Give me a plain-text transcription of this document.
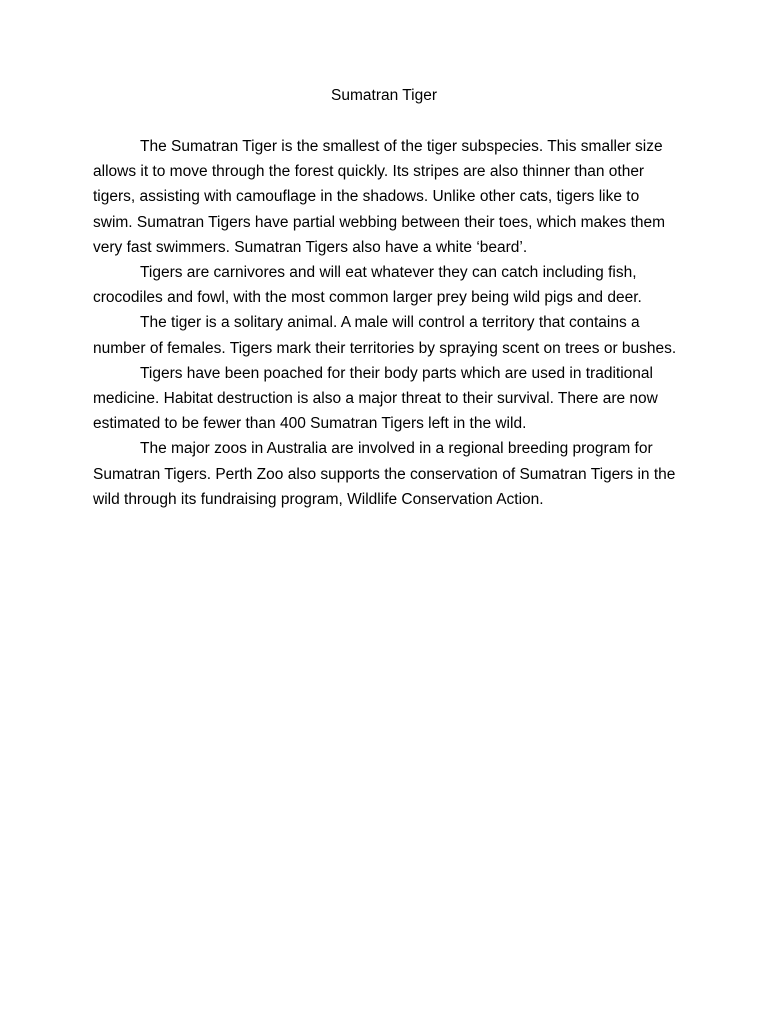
Sumatran Tiger

The Sumatran Tiger is the smallest of the tiger subspecies. This smaller size allows it to move through the forest quickly. Its stripes are also thinner than other tigers, assisting with camouflage in the shadows. Unlike other cats, tigers like to swim. Sumatran Tigers have partial webbing between their toes, which makes them very fast swimmers. Sumatran Tigers also have a white ‘beard’.

Tigers are carnivores and will eat whatever they can catch including fish, crocodiles and fowl, with the most common larger prey being wild pigs and deer.

The tiger is a solitary animal. A male will control a territory that contains a number of females. Tigers mark their territories by spraying scent on trees or bushes.

Tigers have been poached for their body parts which are used in traditional medicine. Habitat destruction is also a major threat to their survival. There are now estimated to be fewer than 400 Sumatran Tigers left in the wild.

The major zoos in Australia are involved in a regional breeding program for Sumatran Tigers. Perth Zoo also supports the conservation of Sumatran Tigers in the wild through its fundraising program, Wildlife Conservation Action.
